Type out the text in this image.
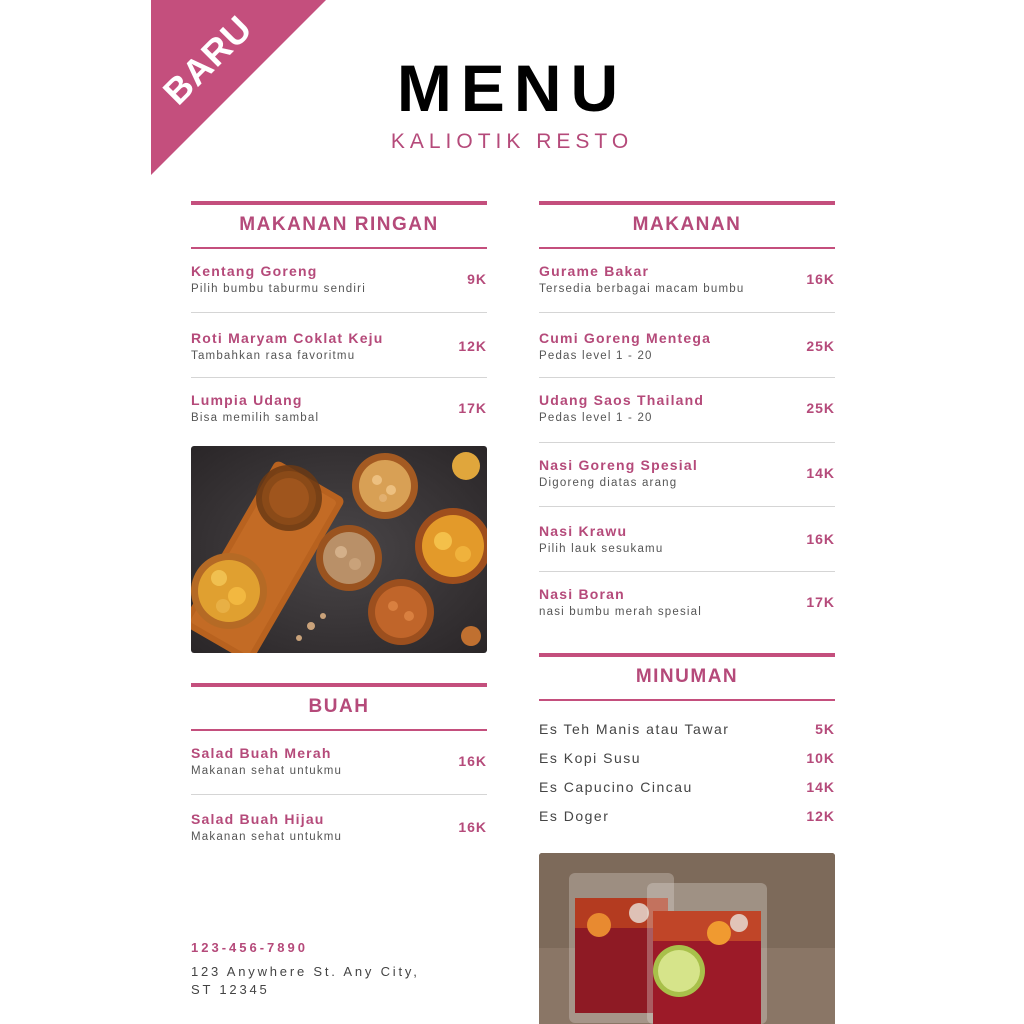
BARU	MENU
KALIOTIK RESTO
MAKANAN RINGAN
Kentang Goreng
Pilih bumbu taburmu sendiri
9K
Roti Maryam Coklat Keju
Tambahkan rasa favoritmu
12K
Lumpia Udang
Bisa memilih sambal
17K
BUAH
Salad Buah Merah
Makanan sehat untukmu
16K
Salad Buah Hijau
Makanan sehat untukmu
16K
123-456-7890
123 Anywhere St. Any City,
ST 12345
MAKANAN
Gurame Bakar
Tersedia berbagai macam bumbu
16K
Cumi Goreng Mentega
Pedas level 1 - 20
25K
Udang Saos Thailand
Pedas level 1 - 20
25K
Nasi Goreng Spesial
Digoreng diatas arang
14K
Nasi Krawu
Pilih lauk sesukamu
16K
Nasi Boran
nasi bumbu merah spesial
17K
MINUMAN
Es Teh Manis atau Tawar	5K
Es Kopi Susu	10K
Es Capucino Cincau	14K
Es Doger	12K
